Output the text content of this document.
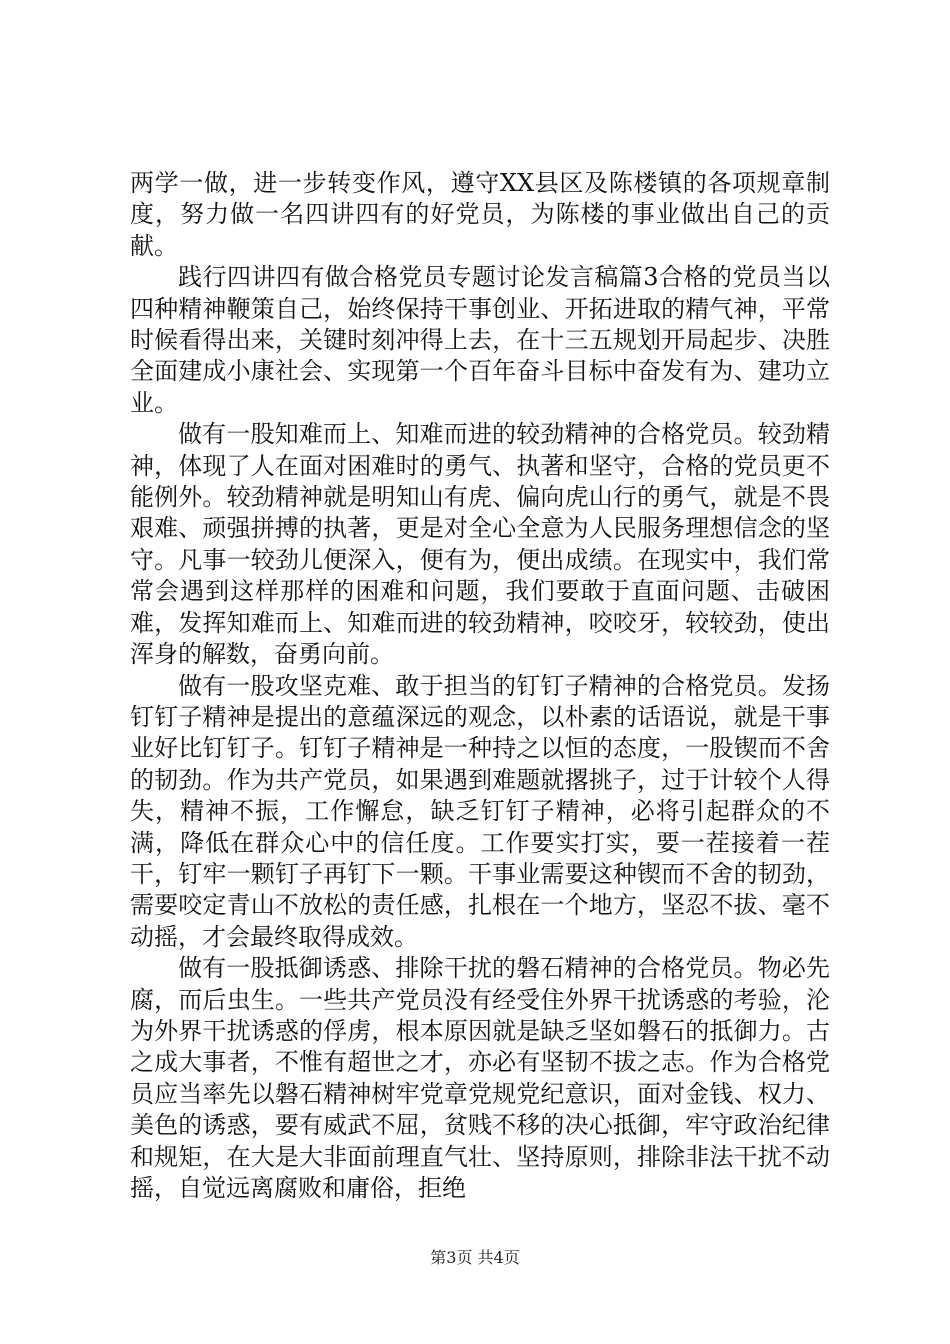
两学一做，进一步转变作风，遵守XX县区及陈楼镇的各项规章制度，努力做一名四讲四有的好党员，为陈楼的事业做出自己的贡献。

践行四讲四有做合格党员专题讨论发言稿篇3合格的党员当以四种精神鞭策自己，始终保持干事创业、开拓进取的精气神，平常时候看得出来，关键时刻冲得上去，在十三五规划开局起步、决胜全面建成小康社会、实现第一个百年奋斗目标中奋发有为、建功立业。

做有一股知难而上、知难而进的较劲精神的合格党员。较劲精神，体现了人在面对困难时的勇气、执著和坚守，合格的党员更不能例外。较劲精神就是明知山有虎、偏向虎山行的勇气，就是不畏艰难、顽强拼搏的执著，更是对全心全意为人民服务理想信念的坚守。凡事一较劲儿便深入，便有为，便出成绩。在现实中，我们常常会遇到这样那样的困难和问题，我们要敢于直面问题、击破困难，发挥知难而上、知难而进的较劲精神，咬咬牙，较较劲，使出浑身的解数，奋勇向前。

做有一股攻坚克难、敢于担当的钉钉子精神的合格党员。发扬钉钉子精神是提出的意蕴深远的观念，以朴素的话语说，就是干事业好比钉钉子。钉钉子精神是一种持之以恒的态度，一股锲而不舍的韧劲。作为共产党员，如果遇到难题就撂挑子，过于计较个人得失，精神不振，工作懈怠，缺乏钉钉子精神，必将引起群众的不满，降低在群众心中的信任度。工作要实打实，要一茬接着一茬干，钉牢一颗钉子再钉下一颗。干事业需要这种锲而不舍的韧劲，需要咬定青山不放松的责任感，扎根在一个地方，坚忍不拔、毫不动摇，才会最终取得成效。

做有一股抵御诱惑、排除干扰的磐石精神的合格党员。物必先腐，而后虫生。一些共产党员没有经受住外界干扰诱惑的考验，沦为外界干扰诱惑的俘虏，根本原因就是缺乏坚如磐石的抵御力。古之成大事者，不惟有超世之才，亦必有坚韧不拔之志。作为合格党员应当率先以磐石精神树牢党章党规党纪意识，面对金钱、权力、美色的诱惑，要有威武不屈，贫贱不移的决心抵御，牢守政治纪律和规矩，在大是大非面前理直气壮、坚持原则，排除非法干扰不动摇，自觉远离腐败和庸俗，拒绝

第3页 共4页
